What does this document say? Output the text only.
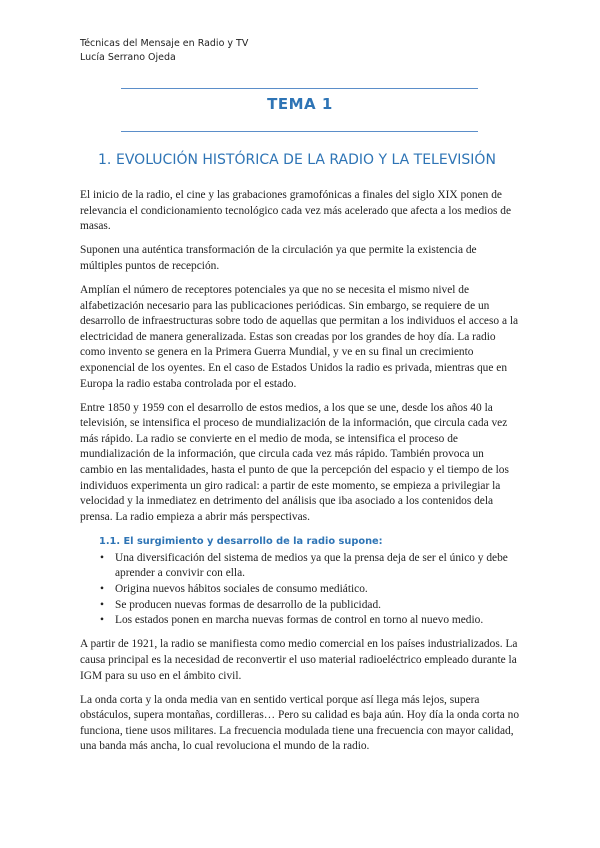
Técnicas del Mensaje en Radio y TV
Lucía Serrano Ojeda
TEMA 1
1. EVOLUCIÓN HISTÓRICA DE LA RADIO Y LA TELEVISIÓN

El inicio de la radio, el cine y las grabaciones gramofónicas a finales del siglo XIX ponen de relevancia el condicionamiento tecnológico cada vez más acelerado que afecta a los medios de masas.

Suponen una auténtica transformación de la circulación ya que permite la existencia de múltiples puntos de recepción.

Amplían el número de receptores potenciales ya que no se necesita el mismo nivel de alfabetización necesario para las publicaciones periódicas. Sin embargo, se requiere de un desarrollo de infraestructuras sobre todo de aquellas que permitan a los individuos el acceso a la electricidad de manera generalizada. Estas son creadas por los grandes de hoy día. La radio como invento se genera en la Primera Guerra Mundial, y ve en su final un crecimiento exponencial de los oyentes. En el caso de Estados Unidos la radio es privada, mientras que en Europa la radio estaba controlada por el estado.

Entre 1850 y 1959 con el desarrollo de estos medios, a los que se une, desde los años 40 la televisión, se intensifica el proceso de mundialización de la información, que circula cada vez más rápido. La radio se convierte en el medio de moda, se intensifica el proceso de mundialización de la información, que circula cada vez más rápido. También provoca un cambio en las mentalidades, hasta el punto de que la percepción del espacio y el tiempo de los individuos experimenta un giro radical: a partir de este momento, se empieza a privilegiar la velocidad y la inmediatez en detrimento del análisis que iba asociado a los contenidos dela prensa. La radio empieza a abrir más perspectivas.

1.1. El surgimiento y desarrollo de la radio supone:
• Una diversificación del sistema de medios ya que la prensa deja de ser el único y debe aprender a convivir con ella.
• Origina nuevos hábitos sociales de consumo mediático.
• Se producen nuevas formas de desarrollo de la publicidad.
• Los estados ponen en marcha nuevas formas de control en torno al nuevo medio.

A partir de 1921, la radio se manifiesta como medio comercial en los países industrializados. La causa principal es la necesidad de reconvertir el uso material radioeléctrico empleado durante la IGM para su uso en el ámbito civil.

La onda corta y la onda media van en sentido vertical porque así llega más lejos, supera obstáculos, supera montañas, cordilleras… Pero su calidad es baja aún. Hoy día la onda corta no funciona, tiene usos militares. La frecuencia modulada tiene una frecuencia con mayor calidad, una banda más ancha, lo cual revoluciona el mundo de la radio.
